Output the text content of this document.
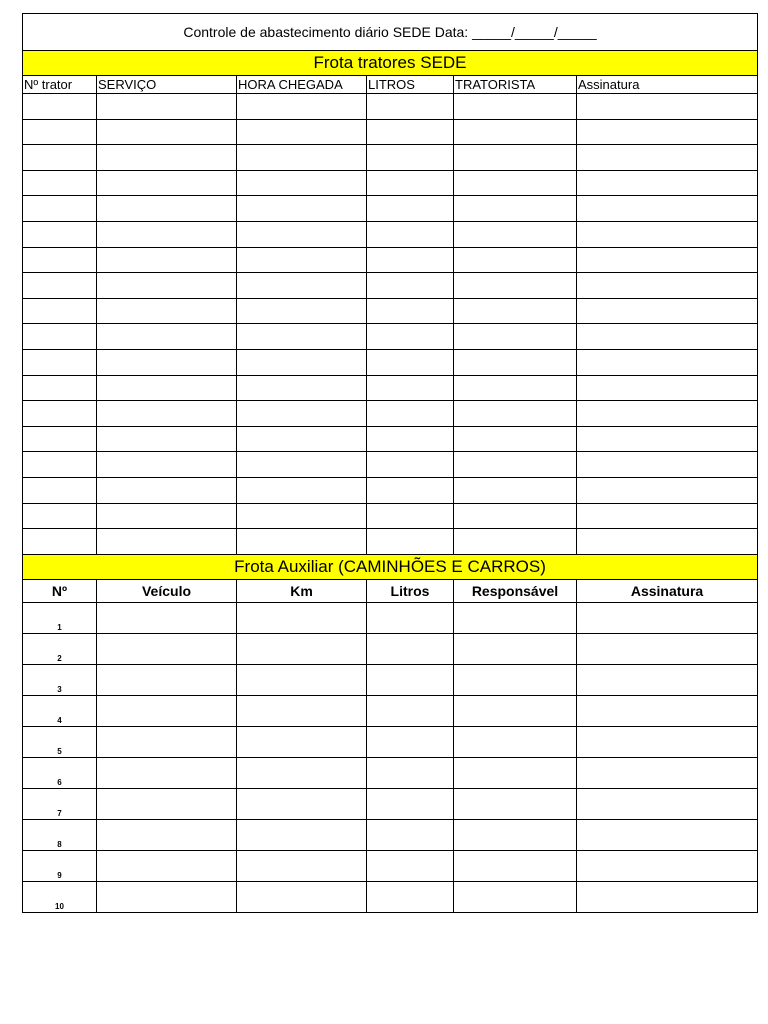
Controle de abastecimento diário SEDE Data: _____/_____/_____					
Frota tratores SEDE					
Nº trator	SERVIÇO	HORA CHEGADA	LITROS	TRATORISTA	Assinatura

Frota Auxiliar (CAMINHÕES E CARROS)					
Nº	Veículo	Km	Litros	Responsável	Assinatura
1					
2					
3					
4					
5					
6					
7					
8					
9					
10					
